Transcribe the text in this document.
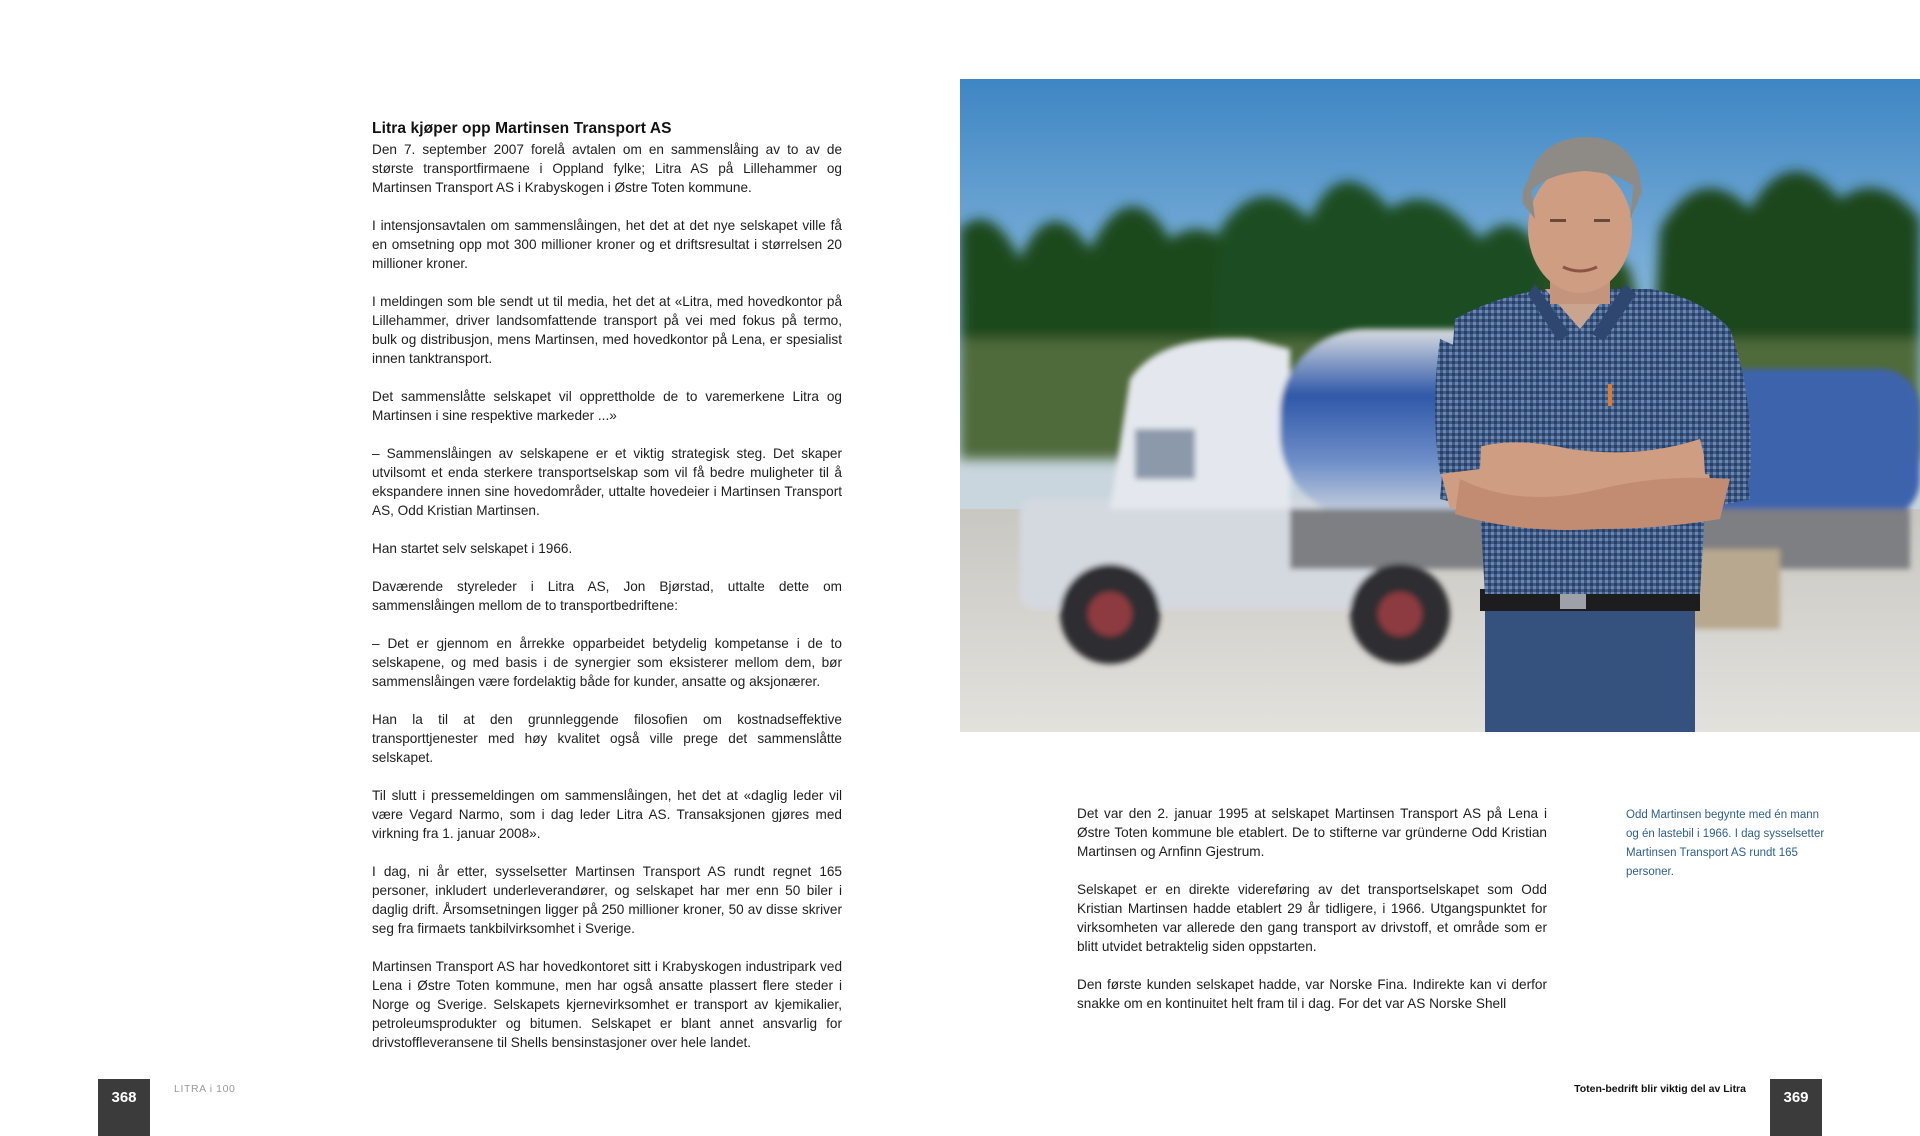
Litra kjøper opp Martinsen Transport AS

Den 7. september 2007 forelå avtalen om en sammenslåing av to av de største transportfirmaene i Oppland fylke; Litra AS på Lillehammer og Martinsen Transport AS i Krabyskogen i Østre Toten kommune.

I intensjonsavtalen om sammenslåingen, het det at det nye selskapet ville få en omsetning opp mot 300 millioner kroner og et driftsresultat i størrelsen 20 millioner kroner.

I meldingen som ble sendt ut til media, het det at «Litra, med hovedkontor på Lillehammer, driver landsomfattende transport på vei med fokus på termo, bulk og distribusjon, mens Martinsen, med hovedkontor på Lena, er spesialist innen tanktransport.

Det sammenslåtte selskapet vil opprettholde de to varemerkene Litra og Martinsen i sine respektive markeder ...»

– Sammenslåingen av selskapene er et viktig strategisk steg. Det skaper utvilsomt et enda sterkere transportselskap som vil få bedre muligheter til å ekspandere innen sine hovedområder, uttalte hovedeier i Martinsen Transport AS, Odd Kristian Martinsen.

Han startet selv selskapet i 1966.

Daværende styreleder i Litra AS, Jon Bjørstad, uttalte dette om sammenslåingen mellom de to transportbedriftene:

– Det er gjennom en årrekke opparbeidet betydelig kompetanse i de to selskapene, og med basis i de synergier som eksisterer mellom dem, bør sammenslåingen være fordelaktig både for kunder, ansatte og aksjonærer.

Han la til at den grunnleggende filosofien om kostnadseffektive transporttjenester med høy kvalitet også ville prege det sammenslåtte selskapet.

Til slutt i pressemeldingen om sammenslåingen, het det at «daglig leder vil være Vegard Narmo, som i dag leder Litra AS. Transaksjonen gjøres med virkning fra 1. januar 2008».

I dag, ni år etter, sysselsetter Martinsen Transport AS rundt regnet 165 personer, inkludert underleverandører, og selskapet har mer enn 50 biler i daglig drift. Årsomsetningen ligger på 250 millioner kroner, 50 av disse skriver seg fra firmaets tankbilvirksomhet i Sverige.

Martinsen Transport AS har hovedkontoret sitt i Krabyskogen industripark ved Lena i Østre Toten kommune, men har også ansatte plassert flere steder i Norge og Sverige. Selskapets kjernevirksomhet er transport av kjemikalier, petroleumsprodukter og bitumen. Selskapet er blant annet ansvarlig for drivstoffleveransene til Shells bensinstasjoner over hele landet.

Det var den 2. januar 1995 at selskapet Martinsen Transport AS på Lena i Østre Toten kommune ble etablert. De to stifterne var gründerne Odd Kristian Martinsen og Arnfinn Gjestrum.

Selskapet er en direkte videreføring av det transportselskapet som Odd Kristian Martinsen hadde etablert 29 år tidligere, i 1966. Utgangspunktet for virksomheten var allerede den gang transport av drivstoff, et område som er blitt utvidet betraktelig siden oppstarten.

Den første kunden selskapet hadde, var Norske Fina. Indirekte kan vi derfor snakke om en kontinuitet helt fram til i dag. For det var AS Norske Shell

Odd Martinsen begynte med én mann og én lastebil i 1966. I dag sysselsetter Martinsen Transport AS rundt 165 personer.
368	LITRA i 100	Toten-bedrift blir viktig del av Litra	369
